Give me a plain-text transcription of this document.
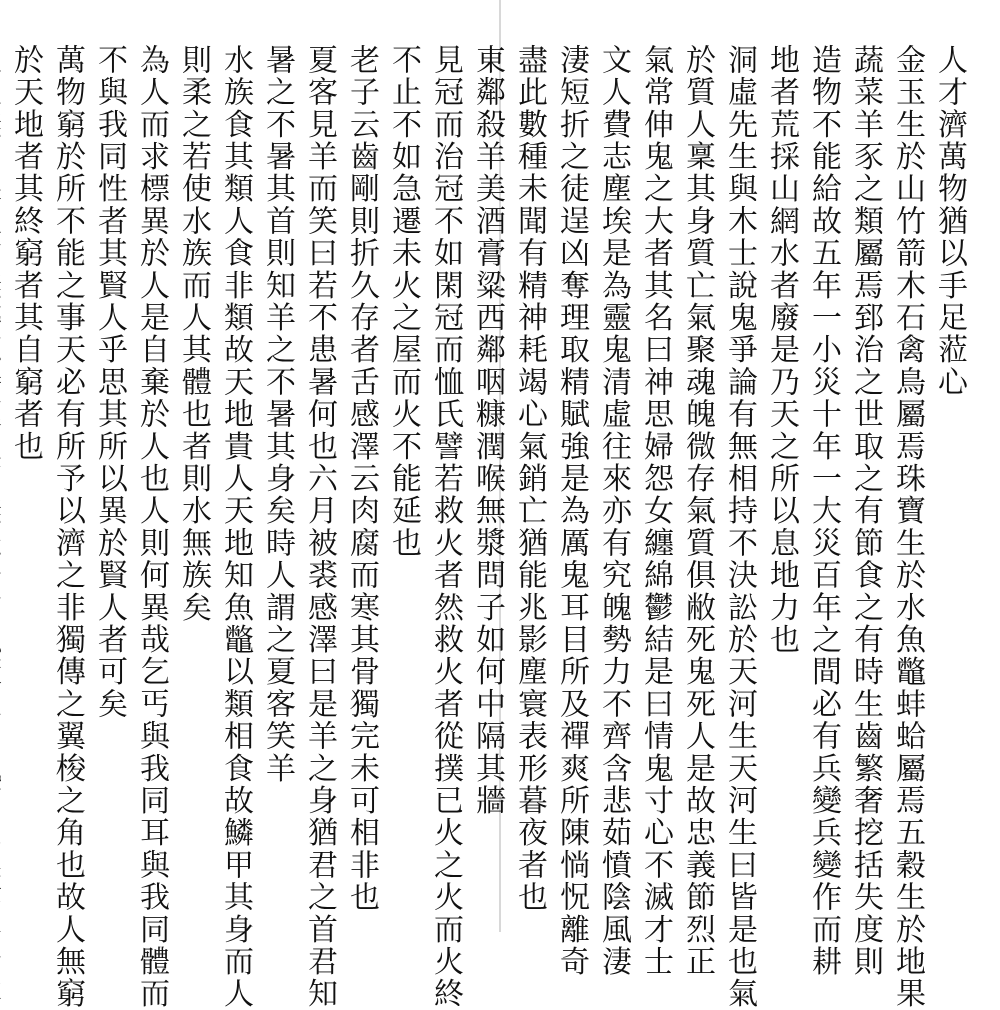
人才濟萬物猶以手足蒞心
金玉生於山竹箭木石禽鳥屬焉珠寶生於水魚鼈蚌蛤屬焉五穀生於地果
蔬菜羊豕之類屬焉郅治之世取之有節食之有時生齒繁奢挖括失度則
造物不能給故五年一小災十年一大災百年之間必有兵變兵變作而耕
地者荒採山網水者廢是乃天之所以息地力也
洞虛先生與木士說鬼爭論有無相持不決訟於天河生天河生曰皆是也氣
於質人稟其身質亡氣聚魂魄微存氣質俱敝死鬼死人是故忠義節烈正
氣常伸鬼之大者其名曰神思婦怨女纏綿鬱結是曰情鬼寸心不滅才士
文人費志塵埃是為靈鬼清虛往來亦有究魄勢力不齊含悲茹憤陰風淒
淒短折之徒逞凶奪理取精賦強是為厲鬼耳目所及禪爽所陳惝怳離奇
盡此數種未聞有精神耗竭心氣銷亡猶能兆影塵寰表形暮夜者也
東鄰殺羊美酒膏粱西鄰咽糠潤喉無漿問子如何中隔其牆
見冠而治冠不如閑冠而恤氏譬若救火者然救火者從撲已火之火而火終
不止不如急遷未火之屋而火不能延也
老子云齒剛則折久存者舌感澤云肉腐而寒其骨獨完未可相非也
夏客見羊而笑曰若不患暑何也六月被裘感澤曰是羊之身猶君之首君知
暑之不暑其首則知羊之不暑其身矣時人謂之夏客笑羊
水族食其類人食非類故天地貴人天地知魚鼈以類相食故鱗甲其身而人
則柔之若使水族而人其體也者則水無族矣
為人而求標異於人是自棄於人也人則何異哉乞丐與我同耳與我同體而
不與我同性者其賢人乎思其所以異於賢人者可矣
萬物窮於所不能之事天必有所予以濟之非獨傳之翼梭之角也故人無窮
於天地者其終窮者其自窮者也
